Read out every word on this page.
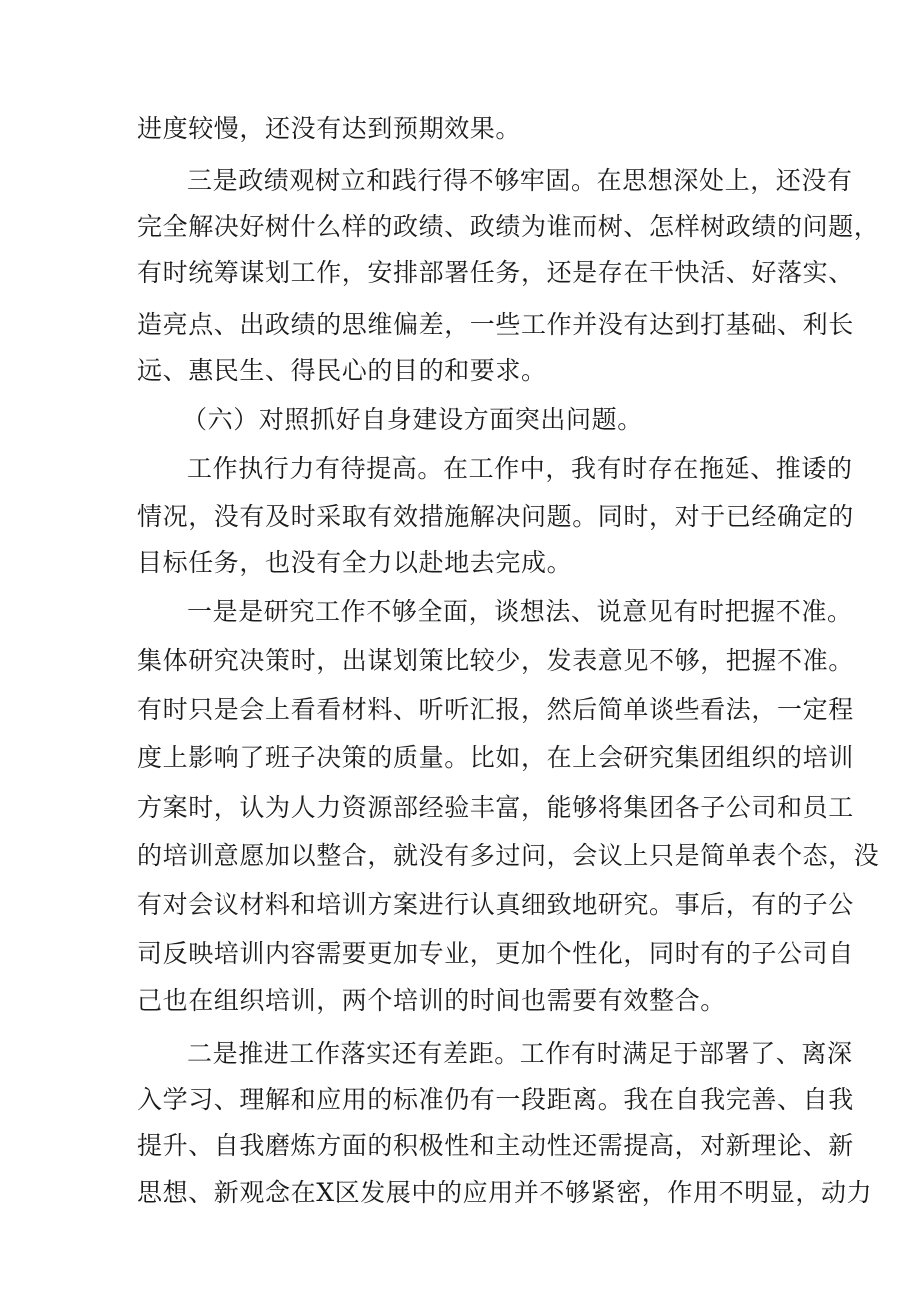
进度较慢，还没有达到预期效果。
三是政绩观树立和践行得不够牢固。在思想深处上，还没有
完全解决好树什么样的政绩、政绩为谁而树、怎样树政绩的问题，
有时统筹谋划工作，安排部署任务，还是存在干快活、好落实、
造亮点、出政绩的思维偏差，一些工作并没有达到打基础、利长
远、惠民生、得民心的目的和要求。
（六）对照抓好自身建设方面突出问题。
工作执行力有待提高。在工作中，我有时存在拖延、推诿的
情况，没有及时采取有效措施解决问题。同时，对于已经确定的
目标任务，也没有全力以赴地去完成。
一是是研究工作不够全面，谈想法、说意见有时把握不准。
集体研究决策时，出谋划策比较少，发表意见不够，把握不准。
有时只是会上看看材料、听听汇报，然后简单谈些看法，一定程
度上影响了班子决策的质量。比如，在上会研究集团组织的培训
方案时，认为人力资源部经验丰富，能够将集团各子公司和员工
的培训意愿加以整合，就没有多过问，会议上只是简单表个态，没
有对会议材料和培训方案进行认真细致地研究。事后，有的子公
司反映培训内容需要更加专业，更加个性化，同时有的子公司自
己也在组织培训，两个培训的时间也需要有效整合。
二是推进工作落实还有差距。工作有时满足于部署了、离深
入学习、理解和应用的标准仍有一段距离。我在自我完善、自我
提升、自我磨炼方面的积极性和主动性还需提高，对新理论、新
思想、新观念在X区发展中的应用并不够紧密，作用不明显，动力
